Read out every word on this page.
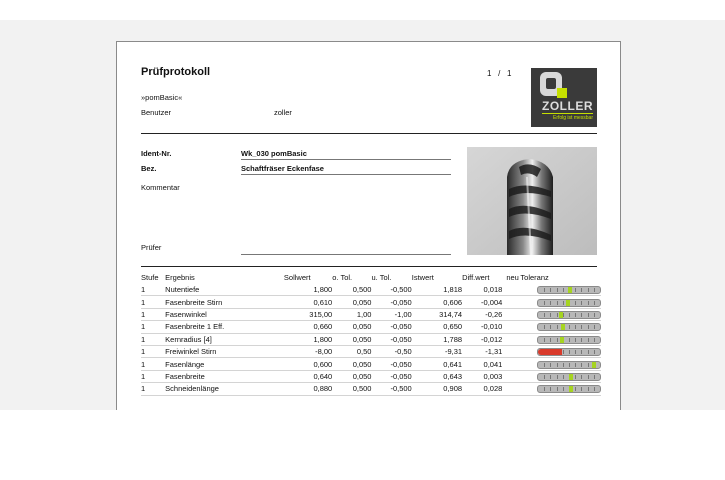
Prüfprotokoll	1 / 1
ZOLLER
Erfolg ist messbar
»pomBasic«
Benutzer	zoller
Ident-Nr.	Wk_030 pomBasic
Bez.	Schaftfräser Eckenfase
Kommentar
Prüfer
Stufe	Ergebnis	Sollwert	o. Tol.	u. Tol.	Istwert	Diff.wert	neu	Toleranz
1	Nutentiefe	1,800	0,500	-0,500	1,818	0,018		

1	Fasenbreite Stirn	0,610	0,050	-0,050	0,606	-0,004		

1	Fasenwinkel	315,00	1,00	-1,00	314,74	-0,26		

1	Fasenbreite 1 Eff.	0,660	0,050	-0,050	0,650	-0,010		

1	Kernradius [4]	1,800	0,050	-0,050	1,788	-0,012		

1	Freiwinkel Stirn	-8,00	0,50	-0,50	-9,31	-1,31		

1	Fasenlänge	0,600	0,050	-0,050	0,641	0,041		

1	Fasenbreite	0,640	0,050	-0,050	0,643	0,003		

1	Schneidenlänge	0,880	0,500	-0,500	0,908	0,028		
